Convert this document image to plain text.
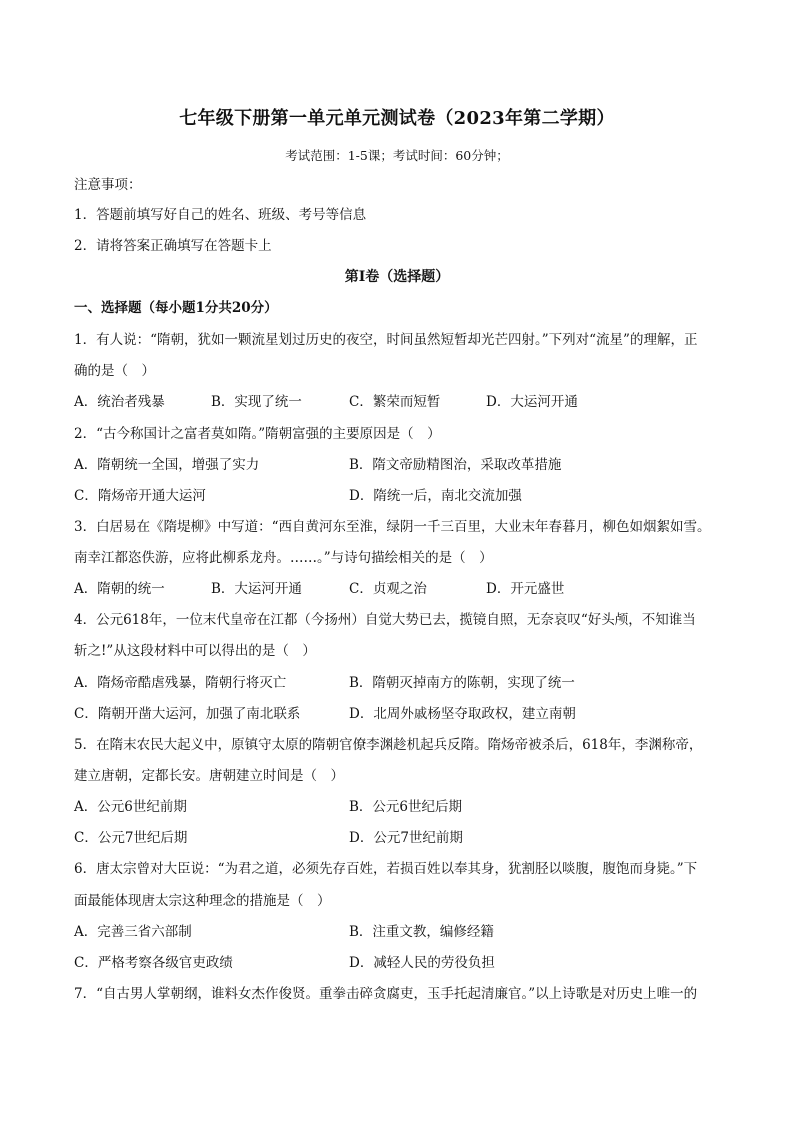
七年级下册第一单元单元测试卷（2023年第二学期）
考试范围：1-5课；考试时间：60分钟；
注意事项：
1．答题前填写好自己的姓名、班级、考号等信息
2．请将答案正确填写在答题卡上
第I卷（选择题）
一、选择题（每小题1分共20分）
1．有人说：“隋朝，犹如一颗流星划过历史的夜空，时间虽然短暂却光芒四射。”下列对“流星”的理解，正
确的是（　）
A．统治者残暴	B．实现了统一	C．繁荣而短暂	D．大运河开通
2．“古今称国计之富者莫如隋。”隋朝富强的主要原因是（　）
A．隋朝统一全国，增强了实力	B．隋文帝励精图治，采取改革措施
C．隋炀帝开通大运河	D．隋统一后，南北交流加强
3．白居易在《隋堤柳》中写道：“西自黄河东至淮，绿阴一千三百里，大业末年春暮月，柳色如烟絮如雪。
南幸江都恣佚游，应将此柳系龙舟。……。”与诗句描绘相关的是（　）
A．隋朝的统一	B．大运河开通	C．贞观之治	D．开元盛世
4．公元618年，一位末代皇帝在江都（今扬州）自觉大势已去，揽镜自照，无奈哀叹“好头颅，不知谁当
斩之!”从这段材料中可以得出的是（　）
A．隋炀帝酷虐残暴，隋朝行将灭亡	B．隋朝灭掉南方的陈朝，实现了统一
C．隋朝开凿大运河，加强了南北联系	D．北周外戚杨坚夺取政权，建立南朝
5．在隋末农民大起义中，原镇守太原的隋朝官僚李渊趁机起兵反隋。隋炀帝被杀后，618年，李渊称帝，
建立唐朝，定都长安。唐朝建立时间是（　）
A．公元6世纪前期	B．公元6世纪后期
C．公元7世纪后期	D．公元7世纪前期
6．唐太宗曾对大臣说：“为君之道，必须先存百姓，若损百姓以奉其身，犹割胫以啖腹，腹饱而身毙。”下
面最能体现唐太宗这种理念的措施是（　）
A．完善三省六部制	B．注重文教，编修经籍
C．严格考察各级官吏政绩	D．减轻人民的劳役负担
7．“自古男人掌朝纲，谁料女杰作俊贤。重拳击碎贪腐吏，玉手托起清廉官。”以上诗歌是对历史上唯一的
